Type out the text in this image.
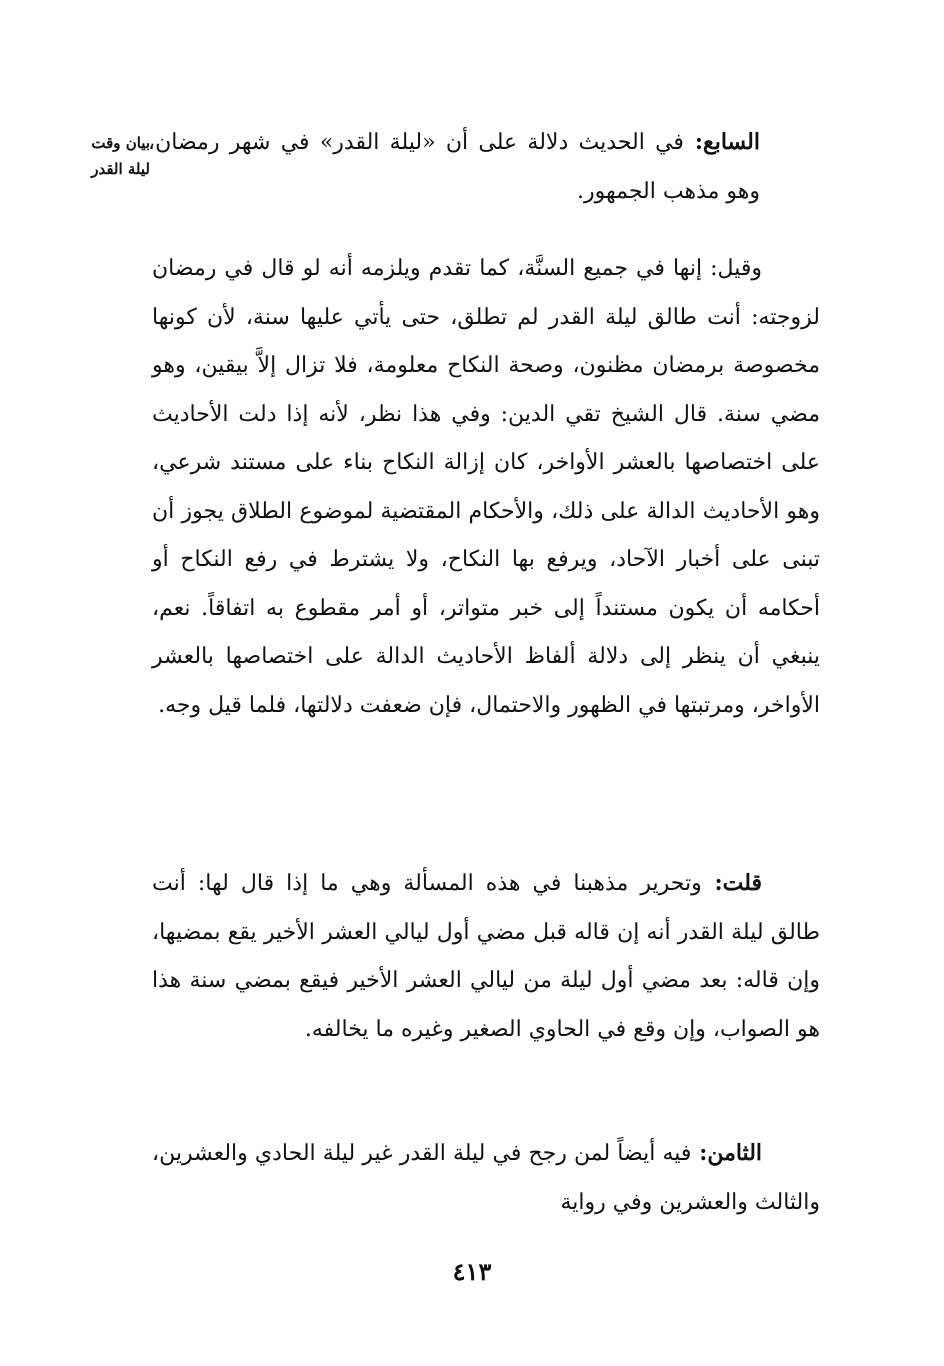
بيان وقت
ليلة القدر

السابع: في الحديث دلالة على أن «ليلة القدر» في شهر رمضان، وهو مذهب الجمهور.

وقيل: إنها في جميع السنَّة، كما تقدم ويلزمه أنه لو قال في رمضان لزوجته: أنت طالق ليلة القدر لم تطلق، حتى يأتي عليها سنة، لأن كونها مخصوصة برمضان مظنون، وصحة النكاح معلومة، فلا تزال إلاَّ بيقين، وهو مضي سنة. قال الشيخ تقي الدين: وفي هذا نظر، لأنه إذا دلت الأحاديث على اختصاصها بالعشر الأواخر، كان إزالة النكاح بناء على مستند شرعي، وهو الأحاديث الدالة على ذلك، والأحكام المقتضية لموضوع الطلاق يجوز أن تبنى على أخبار الآحاد، ويرفع بها النكاح، ولا يشترط في رفع النكاح أو أحكامه أن يكون مستنداً إلى خبر متواتر، أو أمر مقطوع به اتفاقاً. نعم، ينبغي أن ينظر إلى دلالة ألفاظ الأحاديث الدالة على اختصاصها بالعشر الأواخر، ومرتبتها في الظهور والاحتمال، فإن ضعفت دلالتها، فلما قيل وجه.

قلت: وتحرير مذهبنا في هذه المسألة وهي ما إذا قال لها: أنت طالق ليلة القدر أنه إن قاله قبل مضي أول ليالي العشر الأخير يقع بمضيها، وإن قاله: بعد مضي أول ليلة من ليالي العشر الأخير فيقع بمضي سنة هذا هو الصواب، وإن وقع في الحاوي الصغير وغيره ما يخالفه.

الثامن: فيه أيضاً لمن رجح في ليلة القدر غير ليلة الحادي والعشرين، والثالث والعشرين وفي رواية

٤١٣
